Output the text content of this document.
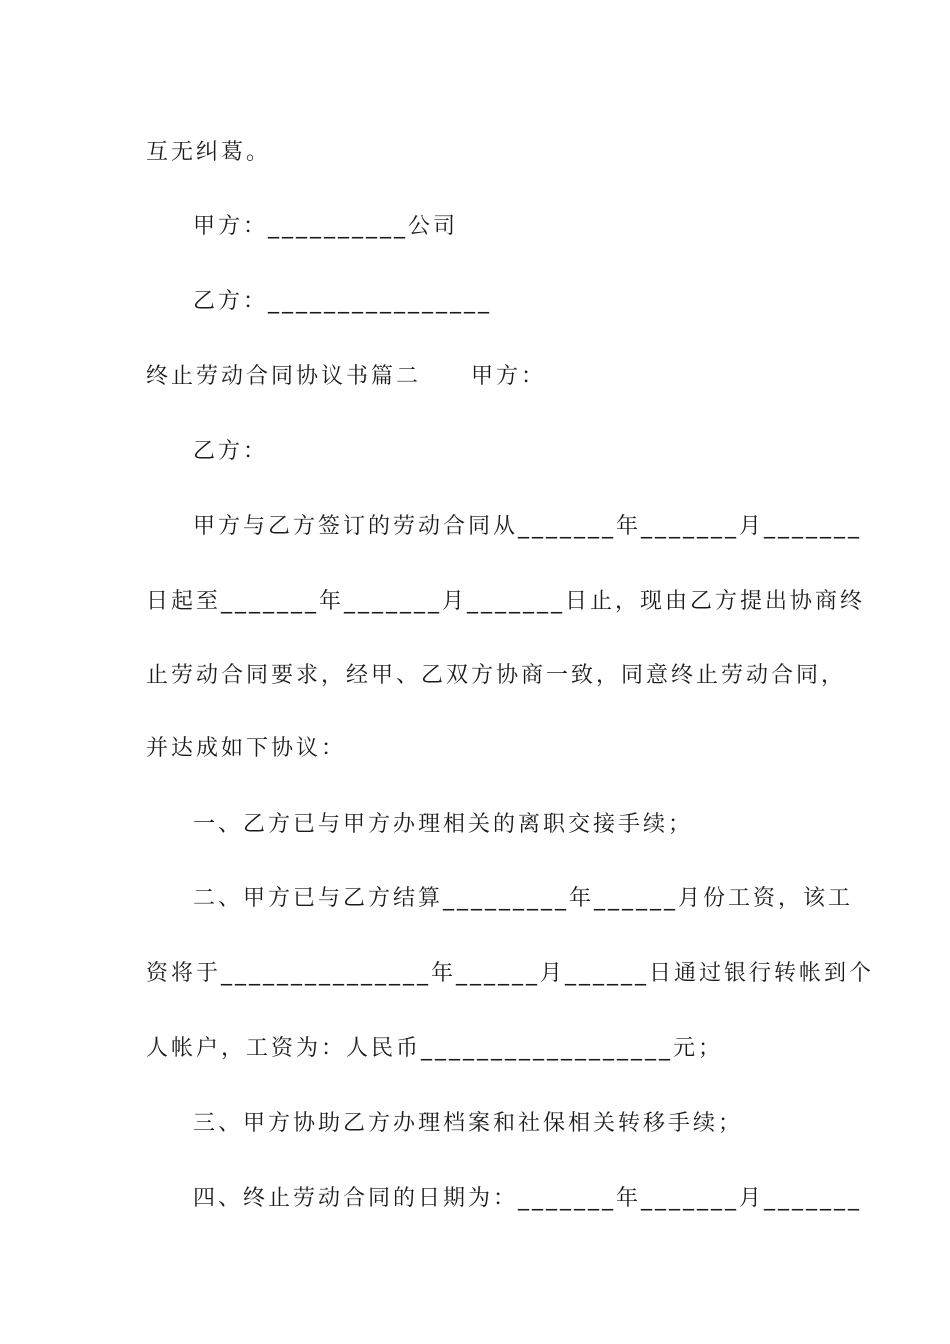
互无纠葛。
甲方：__________公司
乙方：________________
终止劳动合同协议书篇二　　甲方：
乙方：
甲方与乙方签订的劳动合同从_______年_______月_______
日起至_______年_______月_______日止，现由乙方提出协商终
止劳动合同要求，经甲、乙双方协商一致，同意终止劳动合同，
并达成如下协议：
一、乙方已与甲方办理相关的离职交接手续；
二、甲方已与乙方结算_________年______月份工资，该工
资将于_______________年______月______日通过银行转帐到个
人帐户，工资为：人民币__________________元；
三、甲方协助乙方办理档案和社保相关转移手续；
四、终止劳动合同的日期为：_______年_______月_______
